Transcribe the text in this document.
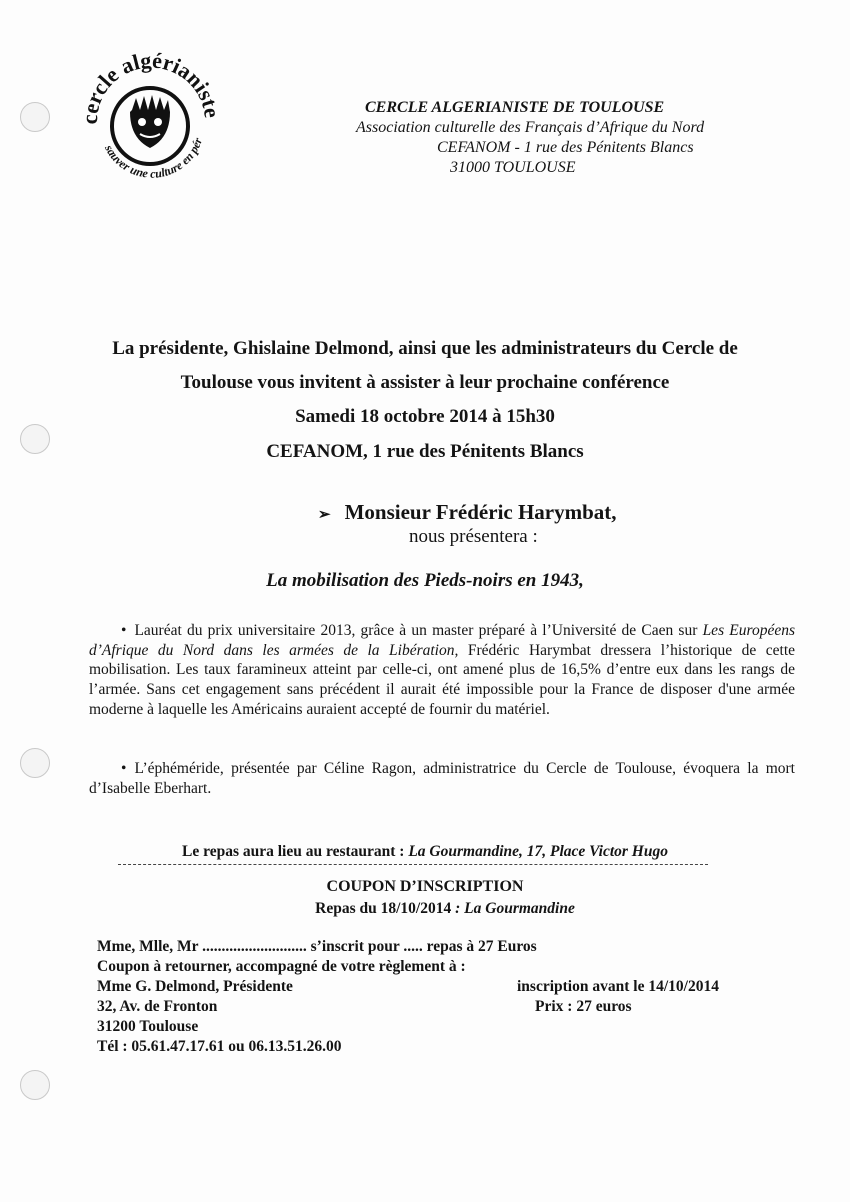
cercle algérianiste
sauver une culture en pér
CERCLE ALGERIANISTE DE TOULOUSE
Association culturelle des Français d’Afrique du Nord
CEFANOM - 1 rue des Pénitents Blancs
31000 TOULOUSE
La présidente, Ghislaine Delmond, ainsi que les administrateurs du Cercle de
Toulouse vous invitent à assister à leur prochaine conférence
Samedi 18 octobre 2014 à 15h30
CEFANOM, 1 rue des Pénitents Blancs
➢ Monsieur Frédéric Harymbat,
nous présentera :
La mobilisation des Pieds-noirs en 1943,
• Lauréat du prix universitaire 2013, grâce à un master préparé à l’Université de Caen sur Les Européens d’Afrique du Nord dans les armées de la Libération, Frédéric Harymbat dressera l’historique de cette mobilisation. Les taux faramineux atteint par celle-ci, ont amené plus de 16,5% d’entre eux dans les rangs de l’armée. Sans cet engagement sans précédent il aurait été impossible pour la France de disposer d'une armée moderne à laquelle les Américains auraient accepté de fournir du matériel.
• L’éphéméride, présentée par Céline Ragon, administratrice du Cercle de Toulouse, évoquera la mort d’Isabelle Eberhart.
Le repas aura lieu au restaurant : La Gourmandine, 17, Place Victor Hugo
COUPON D’INSCRIPTION
Repas du 18/10/2014 : La Gourmandine
Mme, Mlle, Mr ........................... s’inscrit pour ..... repas à 27 Euros
Coupon à retourner, accompagné de votre règlement à :
Mme G. Delmond, Présidente
32, Av. de Fronton
31200 Toulouse
Tél : 05.61.47.17.61 ou 06.13.51.26.00
inscription avant le 14/10/2014
Prix : 27 euros
